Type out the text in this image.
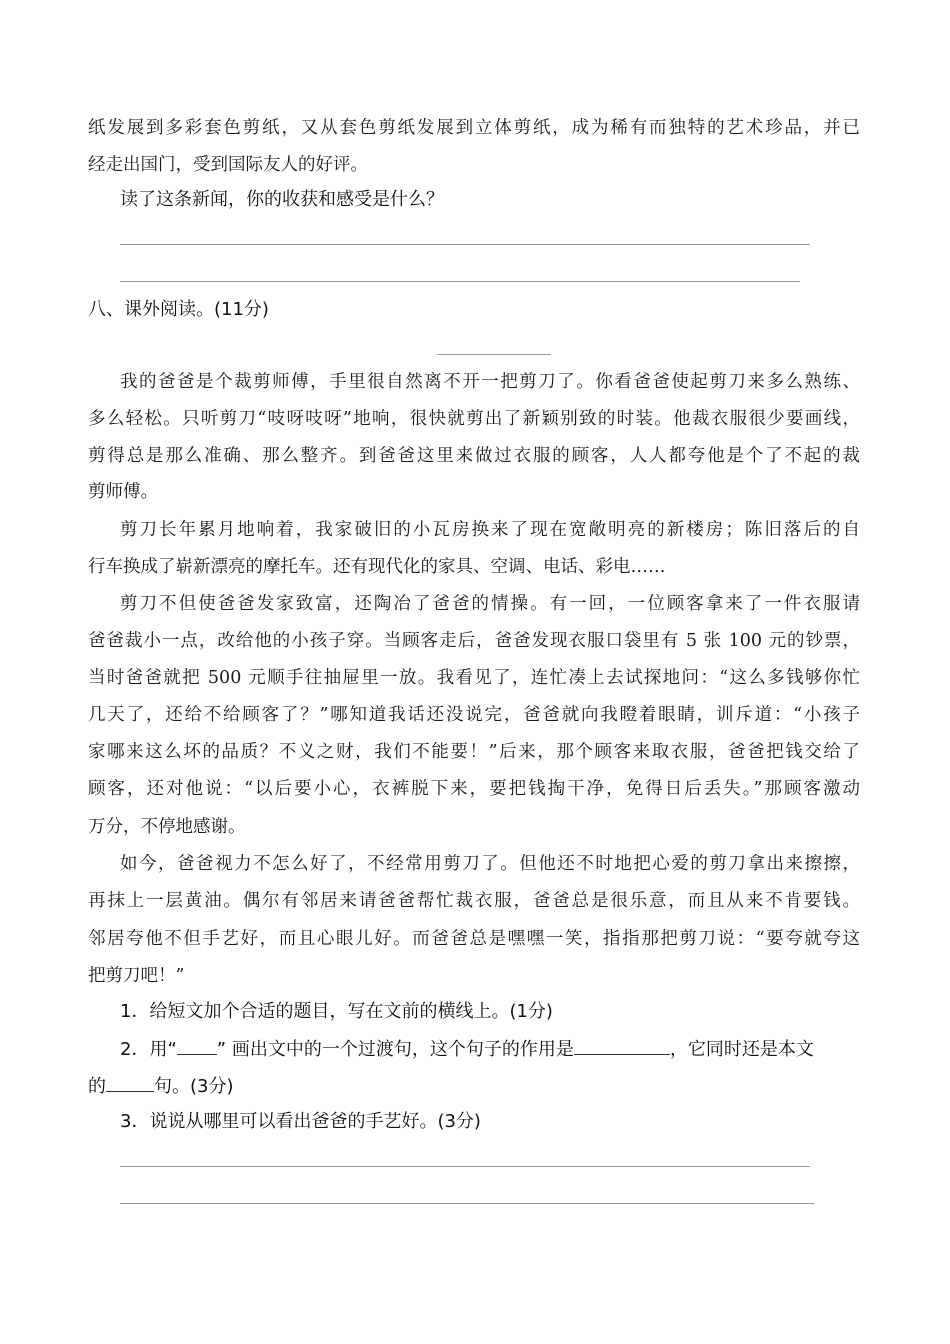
纸发展到多彩套色剪纸，又从套色剪纸发展到立体剪纸，成为稀有而独特的艺术珍品，并已
经走出国门，受到国际友人的好评。
读了这条新闻，你的收获和感受是什么？
八、课外阅读。(11分)
我的爸爸是个裁剪师傅，手里很自然离不开一把剪刀了。你看爸爸使起剪刀来多么熟练、
多么轻松。只听剪刀“吱呀吱呀”地响，很快就剪出了新颖别致的时装。他裁衣服很少要画线，
剪得总是那么准确、那么整齐。到爸爸这里来做过衣服的顾客，人人都夸他是个了不起的裁
剪师傅。
剪刀长年累月地响着，我家破旧的小瓦房换来了现在宽敞明亮的新楼房；陈旧落后的自
行车换成了崭新漂亮的摩托车。还有现代化的家具、空调、电话、彩电……
剪刀不但使爸爸发家致富，还陶冶了爸爸的情操。有一回，一位顾客拿来了一件衣服请
爸爸裁小一点，改给他的小孩子穿。当顾客走后，爸爸发现衣服口袋里有 5 张 100 元的钞票，
当时爸爸就把 500 元顺手往抽屉里一放。我看见了，连忙凑上去试探地问：“这么多钱够你忙
几天了，还给不给顾客了？”哪知道我话还没说完，爸爸就向我瞪着眼睛，训斥道：“小孩子
家哪来这么坏的品质？不义之财，我们不能要！”后来，那个顾客来取衣服，爸爸把钱交给了
顾客，还对他说：“以后要小心，衣裤脱下来，要把钱掏干净，免得日后丢失。”那顾客激动
万分，不停地感谢。
如今，爸爸视力不怎么好了，不经常用剪刀了。但他还不时地把心爱的剪刀拿出来擦擦，
再抹上一层黄油。偶尔有邻居来请爸爸帮忙裁衣服，爸爸总是很乐意，而且从来不肯要钱。
邻居夸他不但手艺好，而且心眼儿好。而爸爸总是嘿嘿一笑，指指那把剪刀说：“要夸就夸这
把剪刀吧！”
1．给短文加个合适的题目，写在文前的横线上。(1分)
2．用“ ” 画出文中的一个过渡句，这个句子的作用是	，它同时还是本文
的	句。(3分)
3．说说从哪里可以看出爸爸的手艺好。(3分)
